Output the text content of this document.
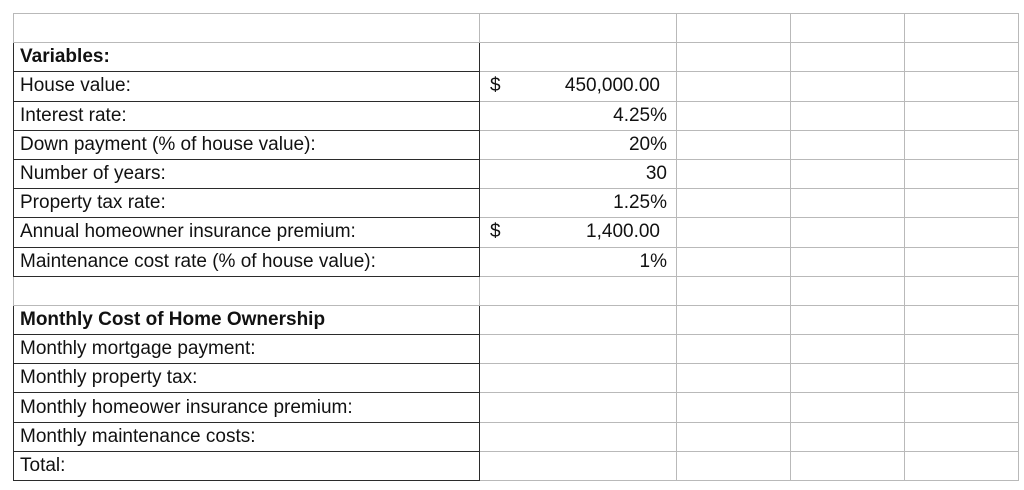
Variables:				
House value:	$ 450,000.00			

Interest rate:	4.25%			

Down payment (% of house value):	20%			

Number of years:	30			

Property tax rate:	1.25%			

Annual homeowner insurance premium:	$ 1,400.00			

Maintenance cost rate (% of house value):	1%			

Monthly Cost of Home Ownership				
Monthly mortgage payment:				
Monthly property tax:				
Monthly homeower insurance premium:				
Monthly maintenance costs:				
Total:				
